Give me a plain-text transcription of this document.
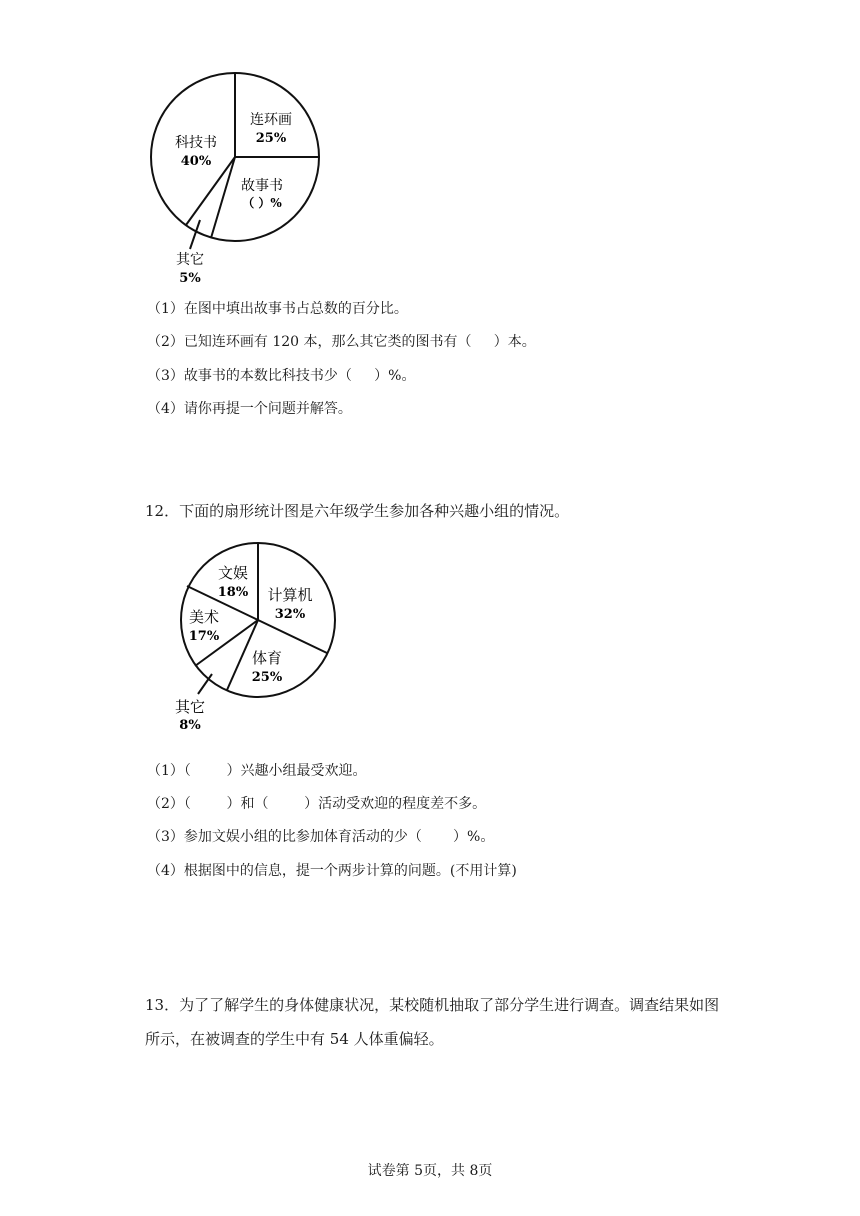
连环画
25%
故事书
（ ）%
其它
5%
科技书
40%
（1）在图中填出故事书占总数的百分比。
（2）已知连环画有 120 本，那么其它类的图书有（     ）本。
（3）故事书的本数比科技书少（     ）%。
（4）请你再提一个问题并解答。
12．下面的扇形统计图是六年级学生参加各种兴趣小组的情况。
计算机
32%
体育
25%
其它
8%
美术
17%
文娱
18%
（1）（        ）兴趣小组最受欢迎。
（2）（        ）和（        ）活动受欢迎的程度差不多。
（3）参加文娱小组的比参加体育活动的少（       ）%。
（4）根据图中的信息，提一个两步计算的问题。(不用计算)
13．为了了解学生的身体健康状况，某校随机抽取了部分学生进行调查。调查结果如图
所示，在被调查的学生中有 54 人体重偏轻。
试卷第 5页，共 8页
